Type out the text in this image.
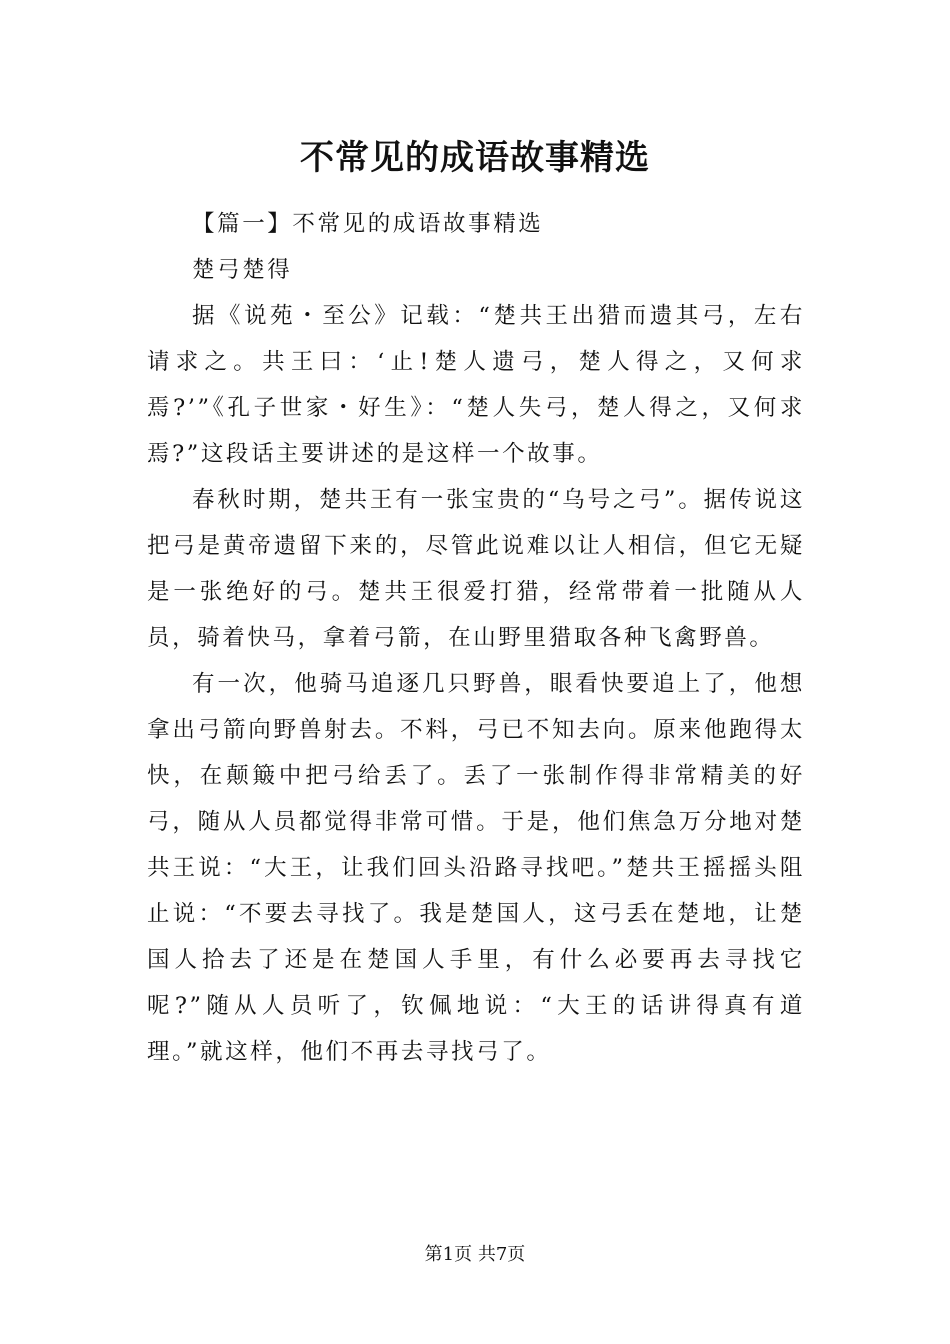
不常见的成语故事精选

【篇一】不常见的成语故事精选

楚弓楚得

据《说苑・至公》记载：“楚共王出猎而遗其弓，左右请求之。共王曰：‘止!楚人遗弓，楚人得之，又何求焉?’”《孔子世家・好生》：“楚人失弓，楚人得之，又何求焉?”这段话主要讲述的是这样一个故事。

春秋时期，楚共王有一张宝贵的“乌号之弓”。据传说这把弓是黄帝遗留下来的，尽管此说难以让人相信，但它无疑是一张绝好的弓。楚共王很爱打猎，经常带着一批随从人员，骑着快马，拿着弓箭，在山野里猎取各种飞禽野兽。

有一次，他骑马追逐几只野兽，眼看快要追上了，他想拿出弓箭向野兽射去。不料，弓已不知去向。原来他跑得太快，在颠簸中把弓给丢了。丢了一张制作得非常精美的好弓，随从人员都觉得非常可惜。于是，他们焦急万分地对楚共王说：“大王，让我们回头沿路寻找吧。”楚共王摇摇头阻止说：“不要去寻找了。我是楚国人，这弓丢在楚地，让楚国人拾去了还是在楚国人手里，有什么必要再去寻找它呢?”随从人员听了，钦佩地说：“大王的话讲得真有道理。”就这样，他们不再去寻找弓了。

第1页 共7页
